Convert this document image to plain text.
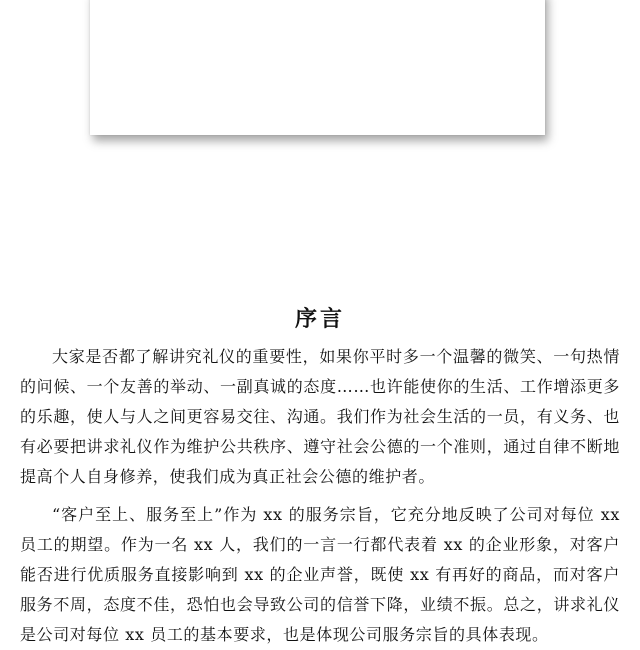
序言

大家是否都了解讲究礼仪的重要性，如果你平时多一个温馨的微笑、一句热情的问候、一个友善的举动、一副真诚的态度……也许能使你的生活、工作增添更多的乐趣，使人与人之间更容易交往、沟通。我们作为社会生活的一员，有义务、也有必要把讲求礼仪作为维护公共秩序、遵守社会公德的一个准则，通过自律不断地提高个人自身修养，使我们成为真正社会公德的维护者。

“客户至上、服务至上”作为 xx 的服务宗旨，它充分地反映了公司对每位 xx 员工的期望。作为一名 xx 人，我们的一言一行都代表着 xx 的企业形象，对客户能否进行优质服务直接影响到 xx 的企业声誉，既使 xx 有再好的商品，而对客户服务不周，态度不佳，恐怕也会导致公司的信誉下降，业绩不振。总之，讲求礼仪是公司对每位 xx 员工的基本要求，也是体现公司服务宗旨的具体表现。
